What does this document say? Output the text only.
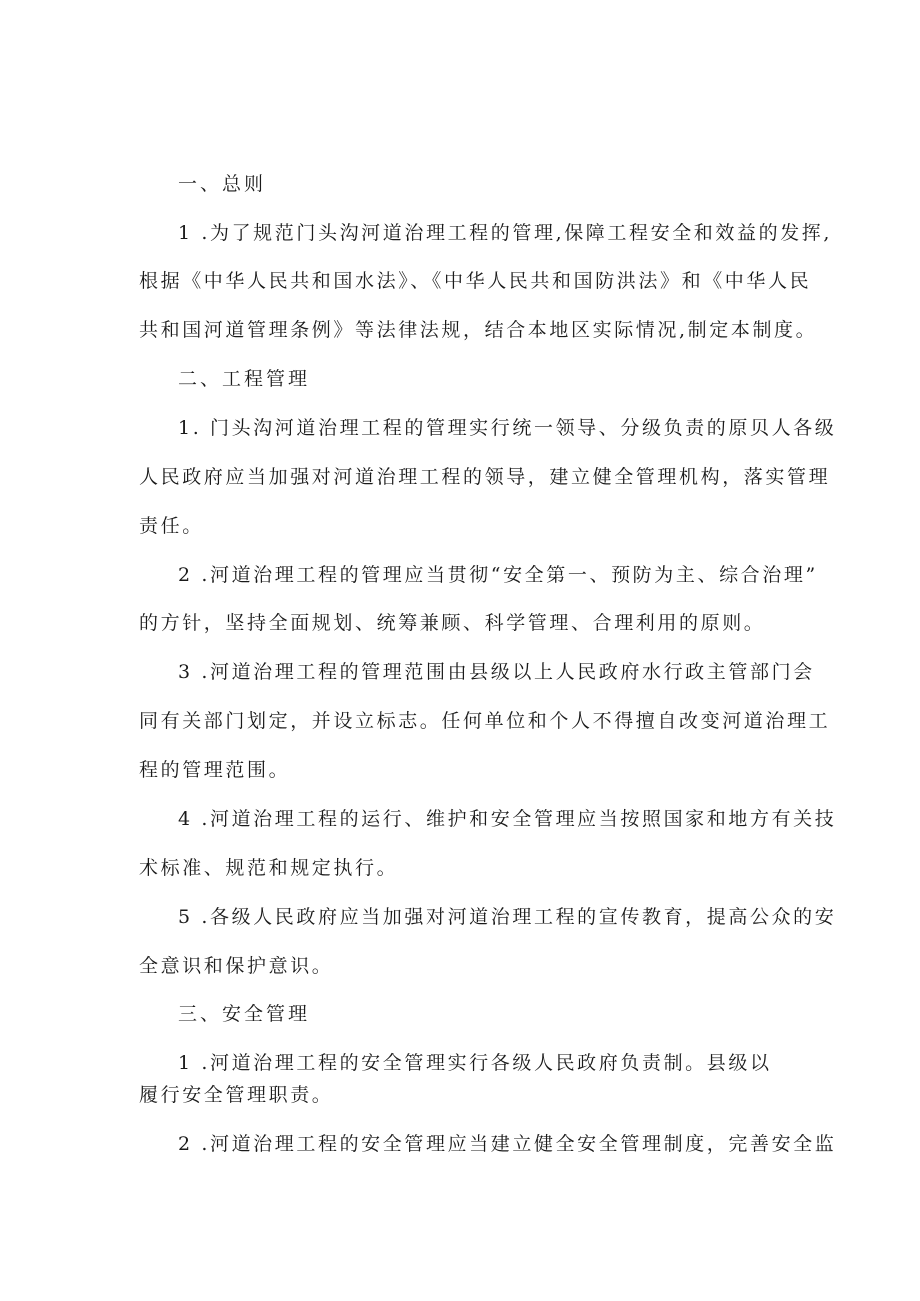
一、总则
1 .为了规范门头沟河道治理工程的管理,保障工程安全和效益的发挥,
根据《中华人民共和国水法》、《中华人民共和国防洪法》和《中华人民
共和国河道管理条例》等法律法规，结合本地区实际情况,制定本制度。
二、工程管理
1. 门头沟河道治理工程的管理实行统一领导、分级负责的原贝人各级
人民政府应当加强对河道治理工程的领导，建立健全管理机构，落实管理
责任。
2 .河道治理工程的管理应当贯彻“安全第一、预防为主、综合治理”
的方针，坚持全面规划、统筹兼顾、科学管理、合理利用的原则。
3 .河道治理工程的管理范围由县级以上人民政府水行政主管部门会
同有关部门划定，并设立标志。任何单位和个人不得擅自改变河道治理工
程的管理范围。
4 .河道治理工程的运行、维护和安全管理应当按照国家和地方有关技
术标准、规范和规定执行。
5 .各级人民政府应当加强对河道治理工程的宣传教育，提高公众的安
全意识和保护意识。
三、安全管理
1 .河道治理工程的安全管理实行各级人民政府负责制。县级以
履行安全管理职责。
2 .河道治理工程的安全管理应当建立健全安全管理制度，完善安全监
